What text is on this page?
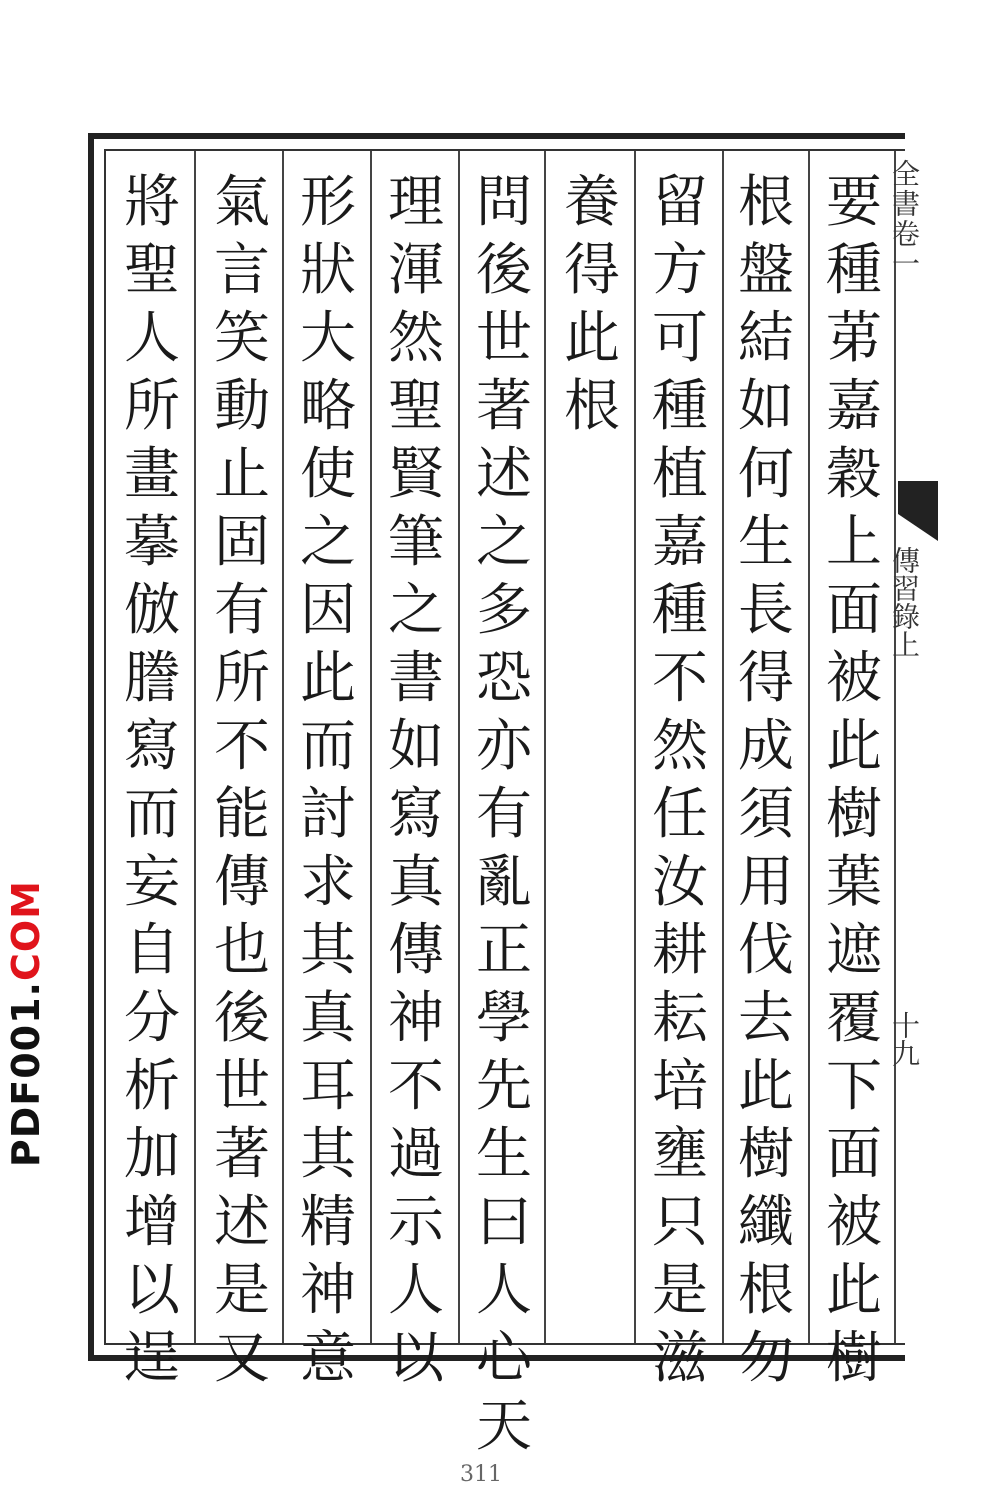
要
種
苐
嘉
穀
上
面
被
此
樹
葉
遮
覆
下
面
被
此
樹
根
盤
結
如
何
生
長
得
成
須
用
伐
去
此
樹
纖
根
勿
留
方
可
種
植
嘉
種
不
然
任
汝
耕
耘
培
壅
只
是
滋
養
得
此
根
問
後
世
著
述
之
多
恐
亦
有
亂
正
學
先
生
曰
人
心
天
理
渾
然
聖
賢
筆
之
書
如
寫
真
傳
神
不
過
示
人
以
形
狀
大
略
使
之
因
此
而
討
求
其
真
耳
其
精
神
意
氣
言
笑
動
止
固
有
所
不
能
傳
也
後
世
著
述
是
又
將
聖
人
所
畫
摹
倣
謄
寫
而
妄
自
分
析
加
增
以
逞
全書卷一
傳習錄上
十九
PDF001.COM
311
